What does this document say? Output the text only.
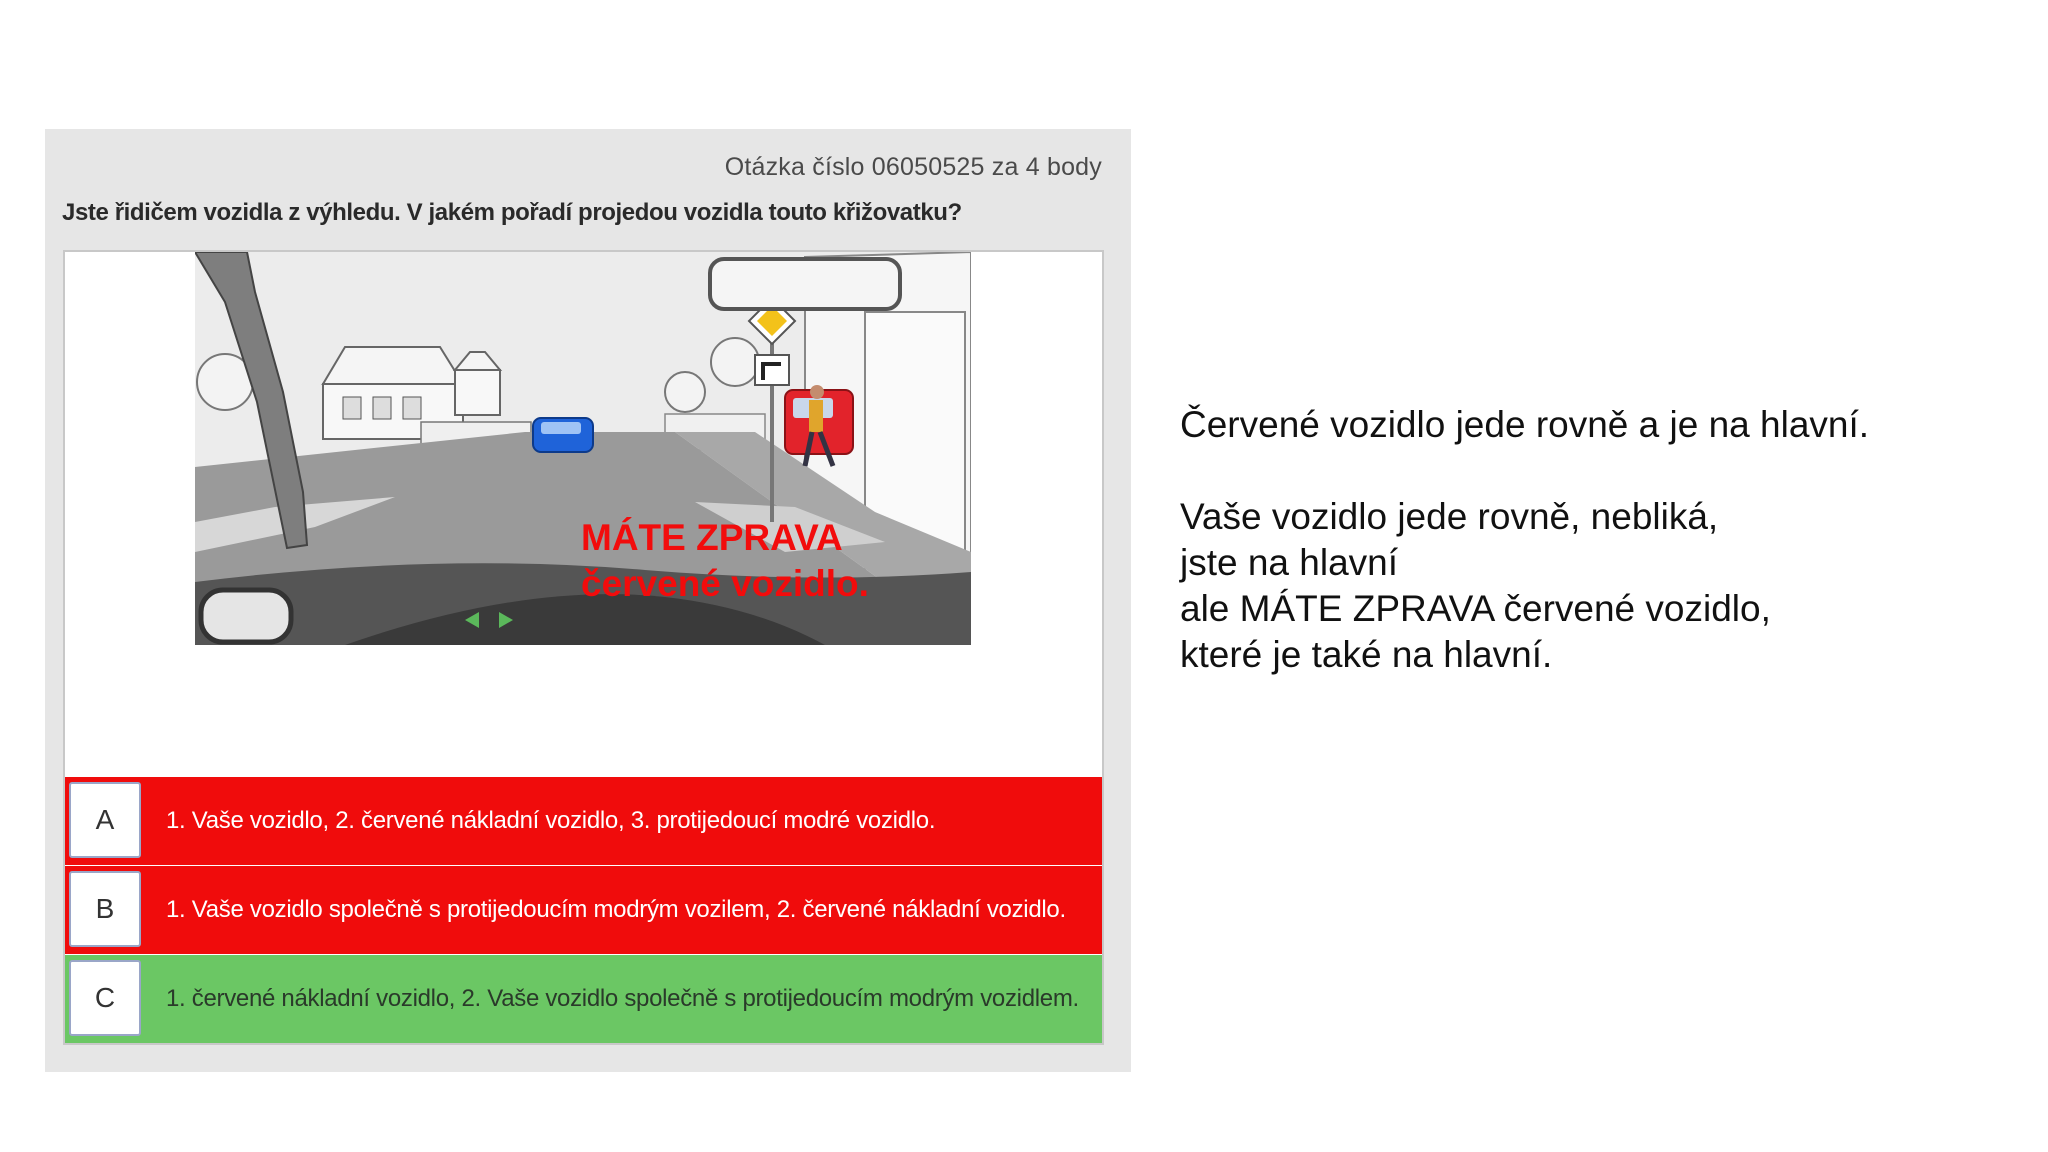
Otázka číslo 06050525 za 4 body
Jste řidičem vozidla z výhledu. V jakém pořadí projedou vozidla touto křižovatku?
MÁTE ZPRAVA
červené vozidlo.
A	1. Vaše vozidlo, 2. červené nákladní vozidlo, 3. protijedoucí modré vozidlo.
B	1. Vaše vozidlo společně s protijedoucím modrým vozilem, 2. červené nákladní vozidlo.
C	1. červené nákladní vozidlo, 2. Vaše vozidlo společně s protijedoucím modrým vozidlem.

Červené vozidlo jede rovně a je na hlavní.

Vaše vozidlo jede rovně, nebliká,

jste na hlavní

ale MÁTE ZPRAVA červené vozidlo,

které je také na hlavní.
